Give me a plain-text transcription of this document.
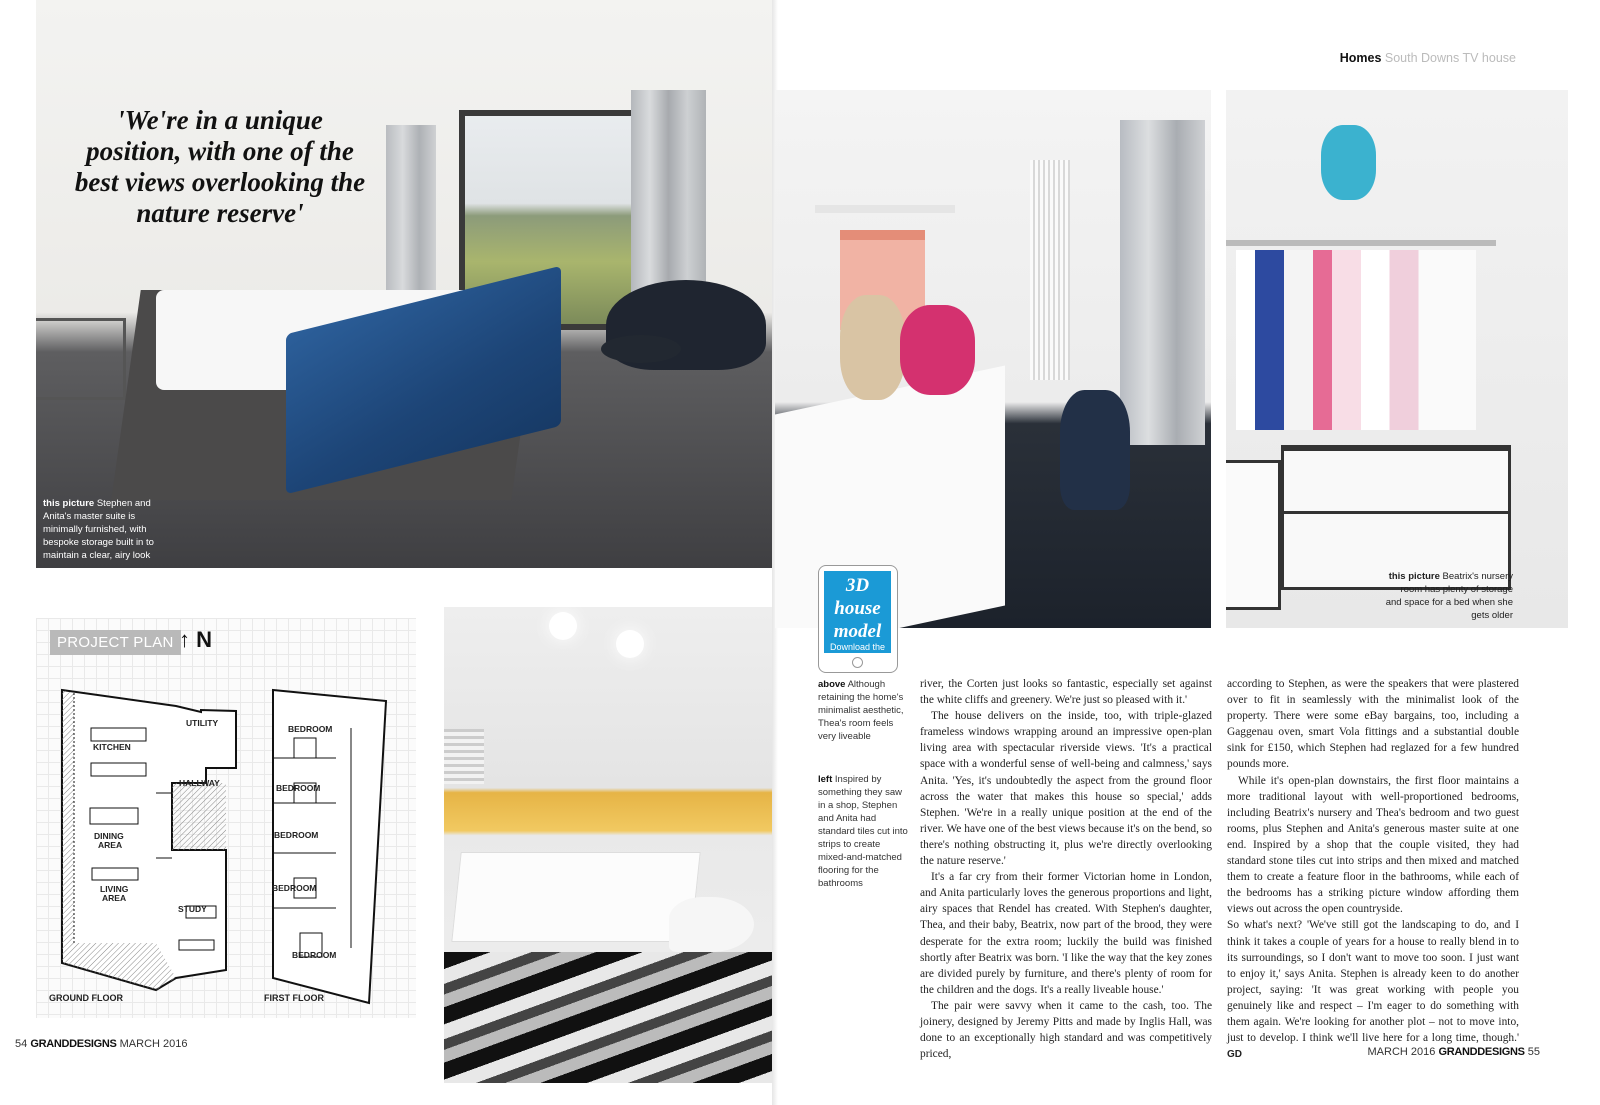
'We're in a unique position, with one of the best views overlooking the nature reserve'
this picture Stephen and Anita's master suite is minimally furnished, with bespoke storage built in to maintain a clear, airy look
PROJECT PLAN ↑ N
KITCHEN
UTILITY
HALLWAY
DINING
AREA
LIVING
AREA
STUDY
BEDROOM
BEDROOM
BEDROOM
BEDROOM
BEDROOM
GROUND FLOOR	FIRST FLOOR
54 GRANDDESIGNS MARCH 2016
Homes South Downs TV house
this picture Beatrix's nursery room has plenty of storage and space for a bed when she gets older
3D
house
model
Download the
GD app
above Although retaining the home's minimalist aesthetic, Thea's room feels very liveable
left Inspired by something they saw in a shop, Stephen and Anita had standard tiles cut into strips to create mixed-and-matched flooring for the bathrooms

river, the Corten just looks so fantastic, especially set against the white cliffs and greenery. We're just so pleased with it.'

The house delivers on the inside, too, with triple-glazed frameless windows wrapping around an impressive open-plan living area with spectacular riverside views. 'It's a practical space with a wonderful sense of well-being and calmness,' says Anita. 'Yes, it's undoubtedly the aspect from the ground floor across the water that makes this house so special,' adds Stephen. 'We're in a really unique position at the end of the river. We have one of the best views because it's on the bend, so there's nothing obstructing it, plus we're directly overlooking the nature reserve.'

It's a far cry from their former Victorian home in London, and Anita particularly loves the generous proportions and light, airy spaces that Rendel has created. With Stephen's daughter, Thea, and their baby, Beatrix, now part of the brood, they were desperate for the extra room; luckily the build was finished shortly after Beatrix was born. 'I like the way that the key zones are divided purely by furniture, and there's plenty of room for the children and the dogs. It's a really liveable house.'

The pair were savvy when it came to the cash, too. The joinery, designed by Jeremy Pitts and made by Inglis Hall, was done to an exceptionally high standard and was competitively priced,

according to Stephen, as were the speakers that were plastered over to fit in seamlessly with the minimalist look of the property. There were some eBay bargains, too, including a Gaggenau oven, smart Vola fittings and a substantial double sink for £150, which Stephen had reglazed for a few hundred pounds more.

While it's open-plan downstairs, the first floor maintains a more traditional layout with well-proportioned bedrooms, including Beatrix's nursery and Thea's bedroom and two guest rooms, plus Stephen and Anita's generous master suite at one end. Inspired by a shop that the couple visited, they had standard stone tiles cut into strips and then mixed and matched them to create a feature floor in the bathrooms, while each of the bedrooms has a striking picture window affording them views out across the open countryside.

So what's next? 'We've still got the landscaping to do, and I think it takes a couple of years for a house to really blend in to its surroundings, so I don't want to move too soon. I just want to enjoy it,' says Anita. Stephen is already keen to do another project, saying: 'It was great working with people you genuinely like and respect – I'm eager to do something with them again. We're looking for another plot – not to move into, just to develop. I think we'll live here for a long time, though.'

GD	MARCH 2016 GRANDDESIGNS 55
